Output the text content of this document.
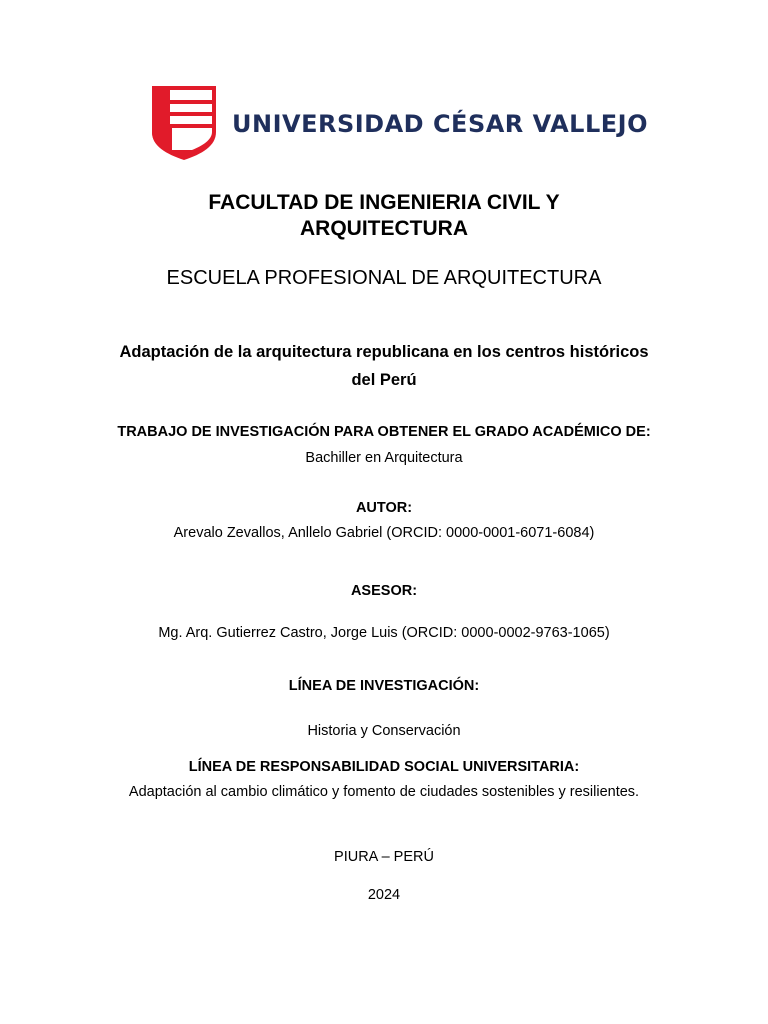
UNIVERSIDAD CÉSAR VALLEJO
FACULTAD DE INGENIERIA CIVIL Y
ARQUITECTURA
ESCUELA PROFESIONAL DE ARQUITECTURA
Adaptación de la arquitectura republicana en los centros históricos
del Perú
TRABAJO DE INVESTIGACIÓN PARA OBTENER EL GRADO ACADÉMICO DE:
Bachiller en Arquitectura
AUTOR:
Arevalo Zevallos, Anllelo Gabriel (ORCID: 0000-0001-6071-6084)
ASESOR:
Mg. Arq. Gutierrez Castro, Jorge Luis (ORCID: 0000-0002-9763-1065)
LÍNEA DE INVESTIGACIÓN:
Historia y Conservación
LÍNEA DE RESPONSABILIDAD SOCIAL UNIVERSITARIA:
Adaptación al cambio climático y fomento de ciudades sostenibles y resilientes.
PIURA – PERÚ
2024
